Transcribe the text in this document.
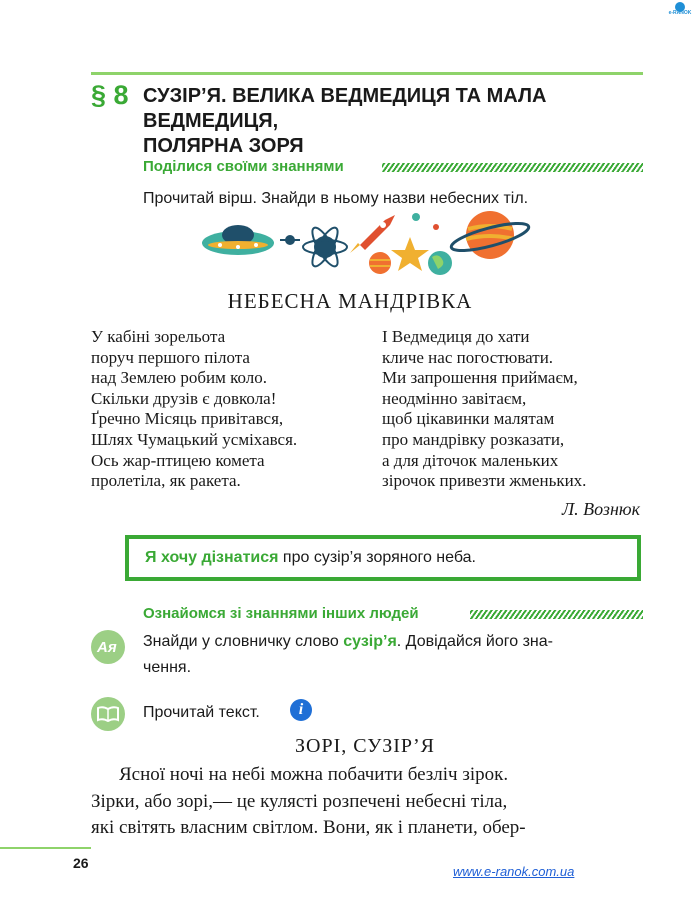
e-RANOK
§ 8 СУЗІР’Я. ВЕЛИКА ВЕДМЕДИЦЯ ТА МАЛА ВЕДМЕДИЦЯ,
ПОЛЯРНА ЗОРЯ
Поділися своїми знаннями
Прочитай вірш. Знайди в ньому назви небесних тіл.
НЕБЕСНА МАНДРІВКА
У кабіні зорельота
поруч першого пілота
над Землею робим коло.
Скільки друзів є довкола!
Ґречно Місяць привітався,
Шлях Чумацький усміхався.
Ось жар-птицею комета
пролетіла, як ракета.
І Ведмедиця до хати
кличе нас погостювати.
Ми запрошення приймаєм,
неодмінно завітаєм,
щоб цікавинки малятам
про мандрівку розказати,
а для діточок маленьких
зірочок привезти жменьких.
Л. Вознюк
Я хочу дізнатися про сузір’я зоряного неба.
Ознайомся зі знаннями інших людей
Ая Знайди у словничку слово сузір’я. Довідайся його зна-
чення.
Прочитай текст. i
ЗОРІ, СУЗІР’Я
Ясної ночі на небі можна побачити безліч зірок.
Зірки, або зорі,— це кулясті розпечені небесні тіла,
які світять власним світлом. Вони, як і планети, обер-
26
www.e-ranok.com.ua
